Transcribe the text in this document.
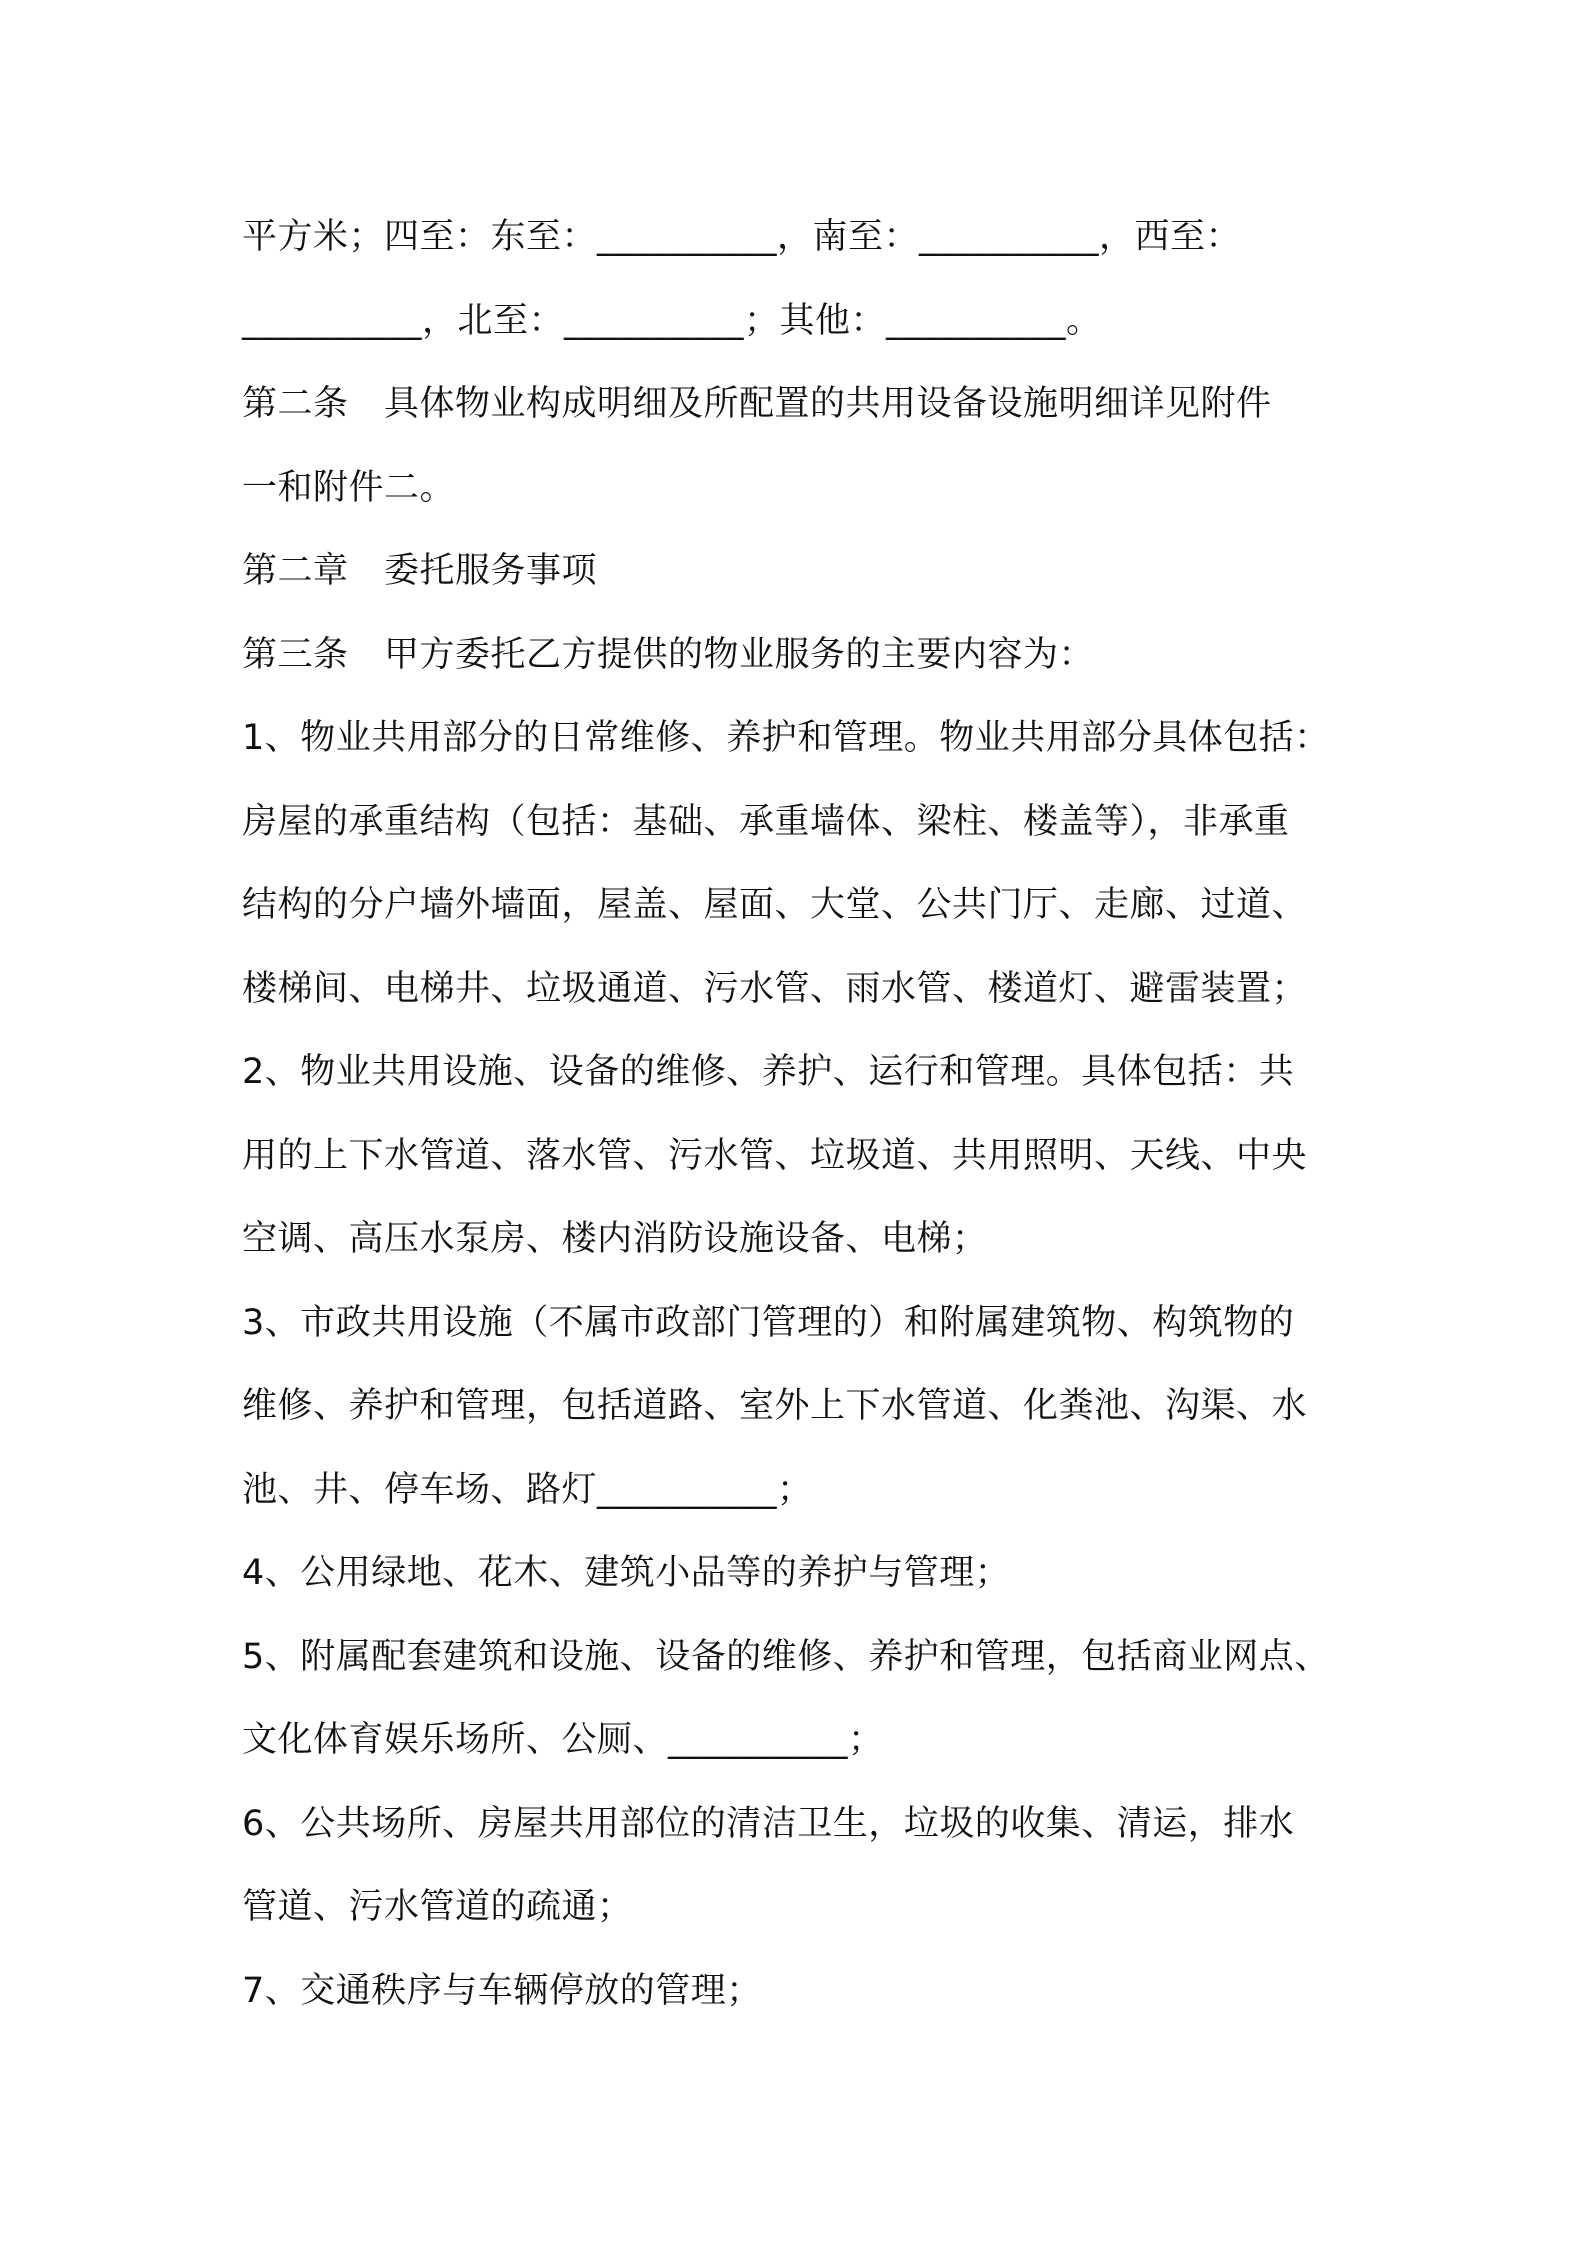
平方米；四至：东至：__________，南至：__________，西至：
__________，北至：__________；其他：__________。
第二条　具体物业构成明细及所配置的共用设备设施明细详见附件
一和附件二。
第二章　委托服务事项
第三条　甲方委托乙方提供的物业服务的主要内容为：
1、物业共用部分的日常维修、养护和管理。物业共用部分具体包括：
房屋的承重结构（包括：基础、承重墙体、梁柱、楼盖等），非承重
结构的分户墙外墙面，屋盖、屋面、大堂、公共门厅、走廊、过道、
楼梯间、电梯井、垃圾通道、污水管、雨水管、楼道灯、避雷装置；
2、物业共用设施、设备的维修、养护、运行和管理。具体包括：共
用的上下水管道、落水管、污水管、垃圾道、共用照明、天线、中央
空调、高压水泵房、楼内消防设施设备、电梯；
3、市政共用设施（不属市政部门管理的）和附属建筑物、构筑物的
维修、养护和管理，包括道路、室外上下水管道、化粪池、沟渠、水
池、井、停车场、路灯__________；
4、公用绿地、花木、建筑小品等的养护与管理；
5、附属配套建筑和设施、设备的维修、养护和管理，包括商业网点、
文化体育娱乐场所、公厕、__________；
6、公共场所、房屋共用部位的清洁卫生，垃圾的收集、清运，排水
管道、污水管道的疏通；
7、交通秩序与车辆停放的管理；
